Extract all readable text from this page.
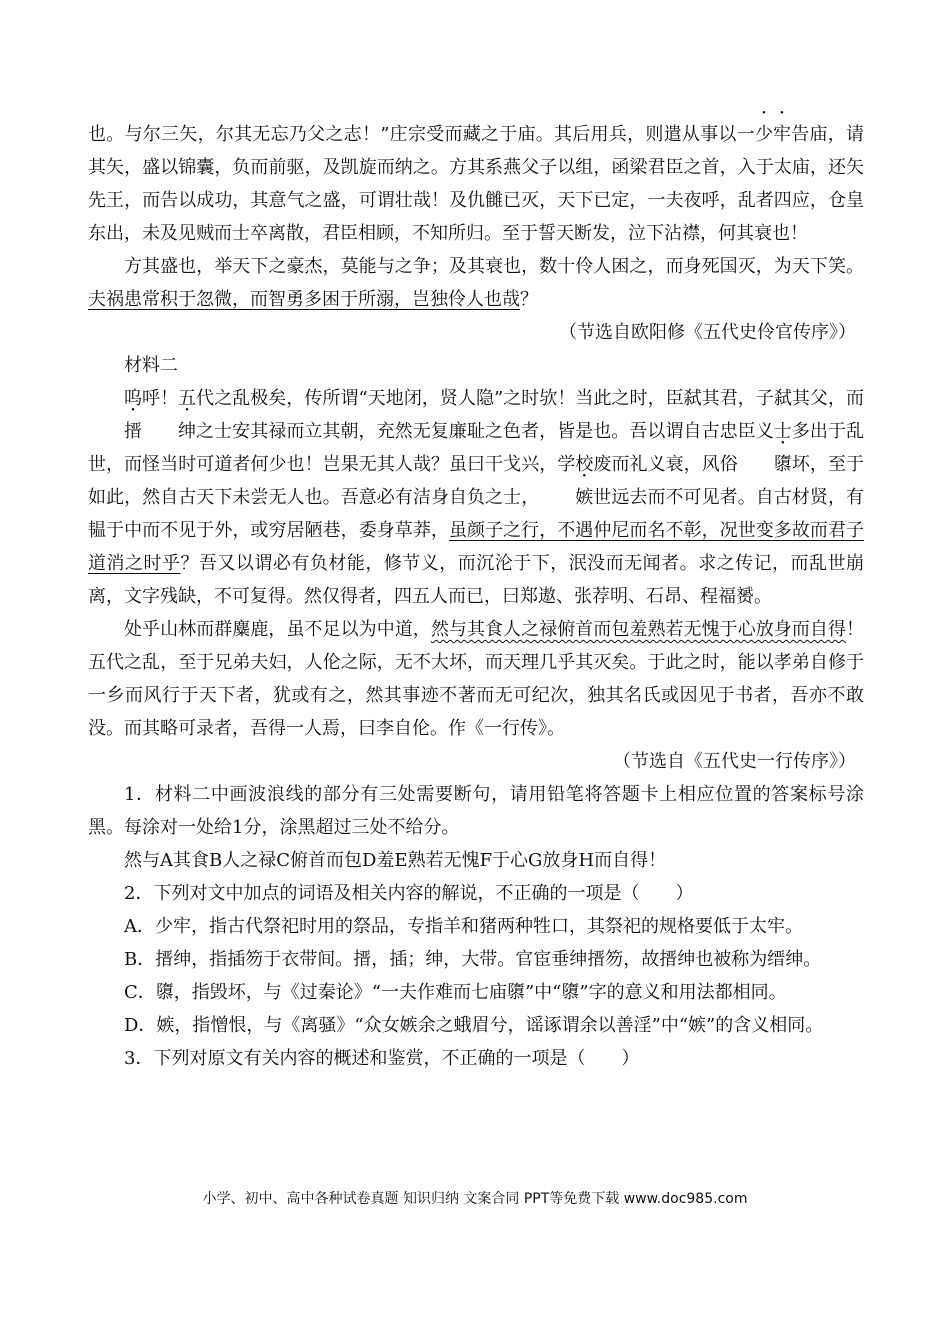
也。与尔三矢，尔其无忘乃父之志！”庄宗受而藏之于庙。其后用兵，则遣从事以一少牢告庙，请其矢，盛以锦囊，负而前驱，及凯旋而纳之。方其系燕父子以组，函梁君臣之首，入于太庙，还矢先王，而告以成功，其意气之盛，可谓壮哉！及仇雠已灭，天下已定，一夫夜呼，乱者四应，仓皇东出，未及见贼而士卒离散，君臣相顾，不知所归。至于誓天断发，泣下沾襟，何其衰也！

方其盛也，举天下之豪杰，莫能与之争；及其衰也，数十伶人困之，而身死国灭，为天下笑。夫祸患常积于忽微，而智勇多困于所溺，岂独伶人也哉？

（节选自欧阳修《五代史伶官传序》）

材料二

呜呼！五代之乱极矣，传所谓“天地闭，贤人隐”之时欤！当此之时，臣弑其君，子弑其父，而搢 绅之士安其禄而立其朝，充然无复廉耻之色者，皆是也。吾以谓自古忠臣义士多出于乱世，而怪当时可道者何少也！岂果无其人哉？虽曰干戈兴，学校废而礼义衰，风俗 隳坏，至于如此，然自古天下未尝无人也。吾意必有洁身自负之士， 嫉世远去而不可见者。自古材贤，有韫于中而不见于外，或穷居陋巷，委身草莽，虽颜子之行，不遇仲尼而名不彰，况世变多故而君子道消之时乎？吾又以谓必有负材能，修节义，而沉沦于下，泯没而无闻者。求之传记，而乱世崩离，文字残缺，不可复得。然仅得者，四五人而已，曰郑遨、张荐明、石昂、程福赟。

处乎山林而群麋鹿，虽不足以为中道，然与其食人之禄俯首而包羞熟若无愧于心放身而自得！五代之乱，至于兄弟夫妇，人伦之际，无不大坏，而天理几乎其灭矣。于此之时，能以孝弟自修于一乡而风行于天下者，犹或有之，然其事迹不著而无可纪次，独其名氏或因见于书者，吾亦不敢没。而其略可录者，吾得一人焉，曰李自伦。作《一行传》。

（节选自《五代史一行传序》）

1．材料二中画波浪线的部分有三处需要断句，请用铅笔将答题卡上相应位置的答案标号涂黑。每涂对一处给1分，涂黑超过三处不给分。

然与A其食B人之禄C俯首而包D羞E熟若无愧F于心G放身H而自得！

2．下列对文中加点的词语及相关内容的解说，不正确的一项是（　　）

A．少牢，指古代祭祀时用的祭品，专指羊和猪两种牲口，其祭祀的规格要低于太牢。

B．搢绅，指插笏于衣带间。搢，插；绅，大带。官宦垂绅搢笏，故搢绅也被称为缙绅。

C．隳，指毁坏，与《过秦论》“一夫作难而七庙隳”中“隳”字的意义和用法都相同。

D．嫉，指憎恨，与《离骚》“众女嫉余之蛾眉兮，谣诼谓余以善淫”中“嫉”的含义相同。

3．下列对原文有关内容的概述和鉴赏，不正确的一项是（　　）

小学、初中、高中各种试卷真题 知识归纳 文案合同 PPT等免费下载 www.doc985.com
